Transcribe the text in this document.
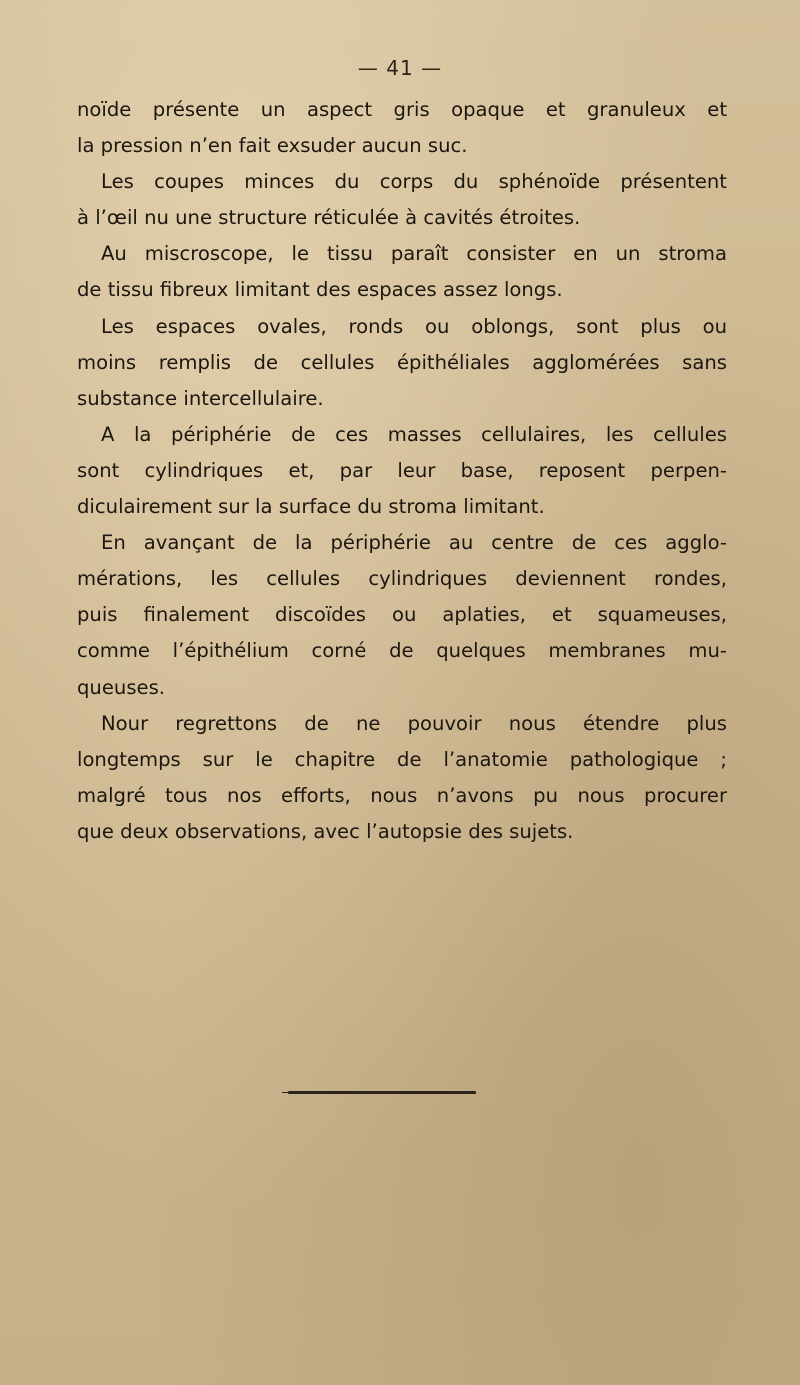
— 41 —
noïde présente un aspect gris opaque et granuleux et
la pression n’en fait exsuder aucun suc.
Les coupes minces du corps du sphénoïde présentent
à l’œil nu une structure réticulée à cavités étroites.
Au miscroscope, le tissu paraît consister en un stroma
de tissu fibreux limitant des espaces assez longs.
Les espaces ovales, ronds ou oblongs, sont plus ou
moins remplis de cellules épithéliales agglomérées sans
substance intercellulaire.
A la périphérie de ces masses cellulaires, les cellules
sont cylindriques et, par leur base, reposent perpen-
diculairement sur la surface du stroma limitant.
En avançant de la périphérie au centre de ces agglo-
mérations, les cellules cylindriques deviennent rondes,
puis finalement discoïdes ou aplaties, et squameuses,
comme l’épithélium corné de quelques membranes mu-
queuses.
Nour regrettons de ne pouvoir nous étendre plus
longtemps sur le chapitre de l’anatomie pathologique ;
malgré tous nos efforts, nous n’avons pu nous procurer
que deux observations, avec l’autopsie des sujets.
